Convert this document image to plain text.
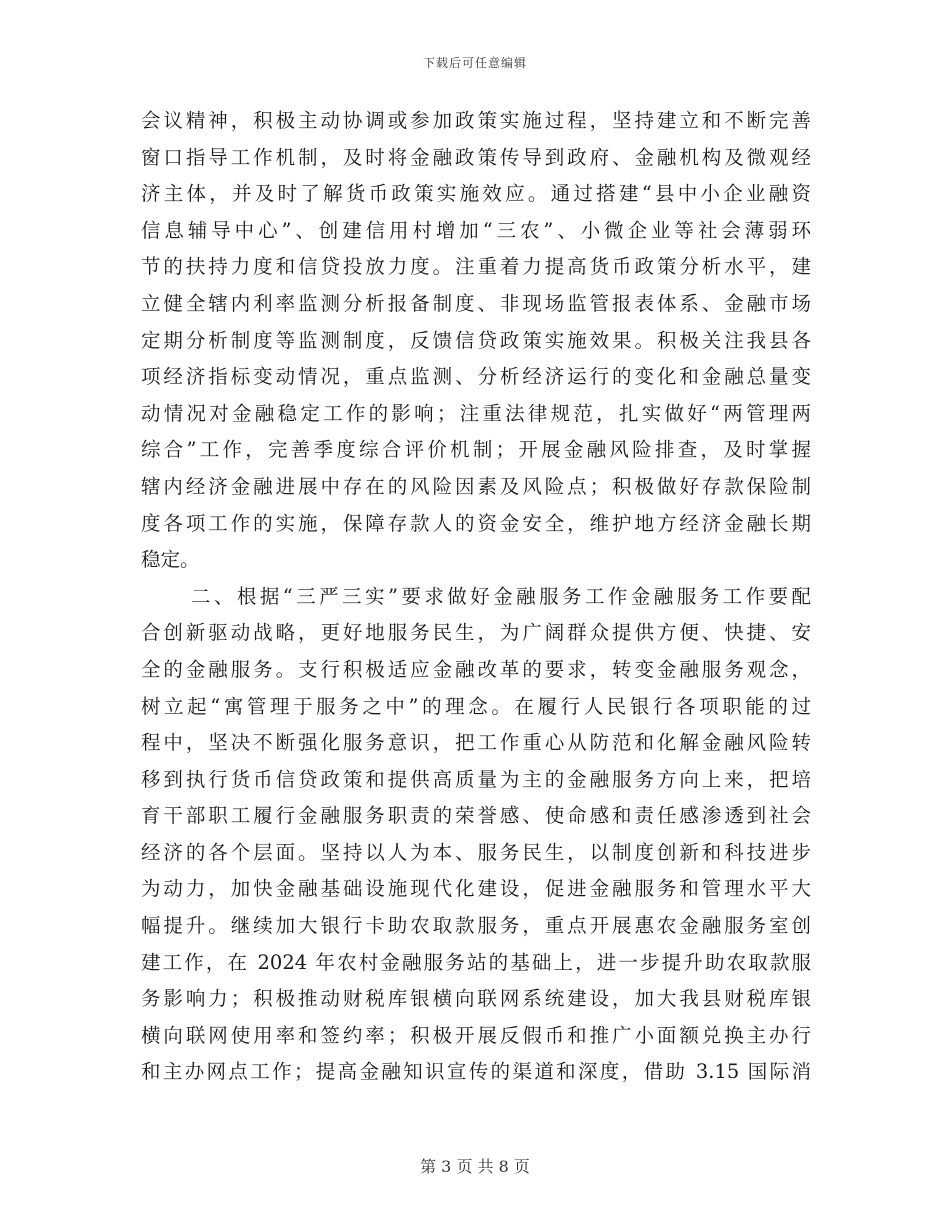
下载后可任意编辑
会议精神，积极主动协调或参加政策实施过程，坚持建立和不断完善
窗口指导工作机制，及时将金融政策传导到政府、金融机构及微观经
济主体，并及时了解货币政策实施效应。通过搭建“县中小企业融资
信息辅导中心”、创建信用村增加“三农”、小微企业等社会薄弱环
节的扶持力度和信贷投放力度。注重着力提高货币政策分析水平，建
立健全辖内利率监测分析报备制度、非现场监管报表体系、金融市场
定期分析制度等监测制度，反馈信贷政策实施效果。积极关注我县各
项经济指标变动情况，重点监测、分析经济运行的变化和金融总量变
动情况对金融稳定工作的影响；注重法律规范，扎实做好“两管理两
综合”工作，完善季度综合评价机制；开展金融风险排查，及时掌握
辖内经济金融进展中存在的风险因素及风险点；积极做好存款保险制
度各项工作的实施，保障存款人的资金安全，维护地方经济金融长期
稳定。
二、根据“三严三实”要求做好金融服务工作金融服务工作要配
合创新驱动战略，更好地服务民生，为广阔群众提供方便、快捷、安
全的金融服务。支行积极适应金融改革的要求，转变金融服务观念，
树立起“寓管理于服务之中”的理念。在履行人民银行各项职能的过
程中，坚决不断强化服务意识，把工作重心从防范和化解金融风险转
移到执行货币信贷政策和提供高质量为主的金融服务方向上来，把培
育干部职工履行金融服务职责的荣誉感、使命感和责任感渗透到社会
经济的各个层面。坚持以人为本、服务民生，以制度创新和科技进步
为动力，加快金融基础设施现代化建设，促进金融服务和管理水平大
幅提升。继续加大银行卡助农取款服务，重点开展惠农金融服务室创
建工作，在 2024 年农村金融服务站的基础上，进一步提升助农取款服
务影响力；积极推动财税库银横向联网系统建设，加大我县财税库银
横向联网使用率和签约率；积极开展反假币和推广小面额兑换主办行
和主办网点工作；提高金融知识宣传的渠道和深度，借助 3.15 国际消
第 3 页 共 8 页
